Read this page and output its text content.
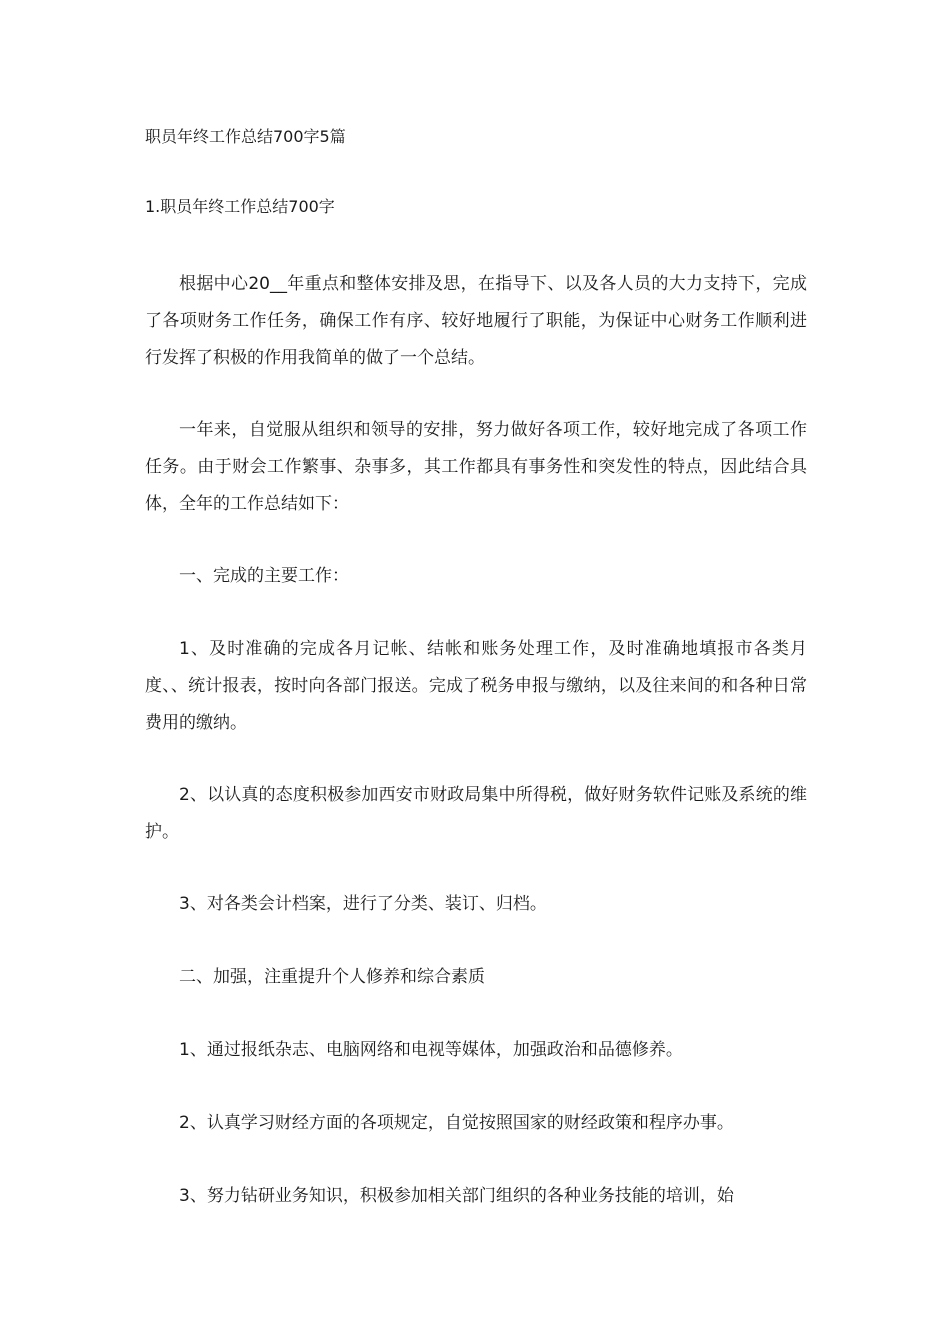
职员年终工作总结700字5篇
1.职员年终工作总结700字

根据中心20__年重点和整体安排及思，在指导下、以及各人员的大力支持下，完成了各项财务工作任务，确保工作有序、较好地履行了职能，为保证中心财务工作顺利进行发挥了积极的作用我简单的做了一个总结。

一年来，自觉服从组织和领导的安排，努力做好各项工作，较好地完成了各项工作任务。由于财会工作繁事、杂事多，其工作都具有事务性和突发性的特点，因此结合具体，全年的工作总结如下：

一、完成的主要工作：

1、及时准确的完成各月记帐、结帐和账务处理工作，及时准确地填报市各类月度、、统计报表，按时向各部门报送。完成了税务申报与缴纳，以及往来间的和各种日常费用的缴纳。

2、以认真的态度积极参加西安市财政局集中所得税，做好财务软件记账及系统的维护。

3、对各类会计档案，进行了分类、装订、归档。

二、加强，注重提升个人修养和综合素质

1、通过报纸杂志、电脑网络和电视等媒体，加强政治和品德修养。

2、认真学习财经方面的各项规定，自觉按照国家的财经政策和程序办事。

3、努力钻研业务知识，积极参加相关部门组织的各种业务技能的培训，始
